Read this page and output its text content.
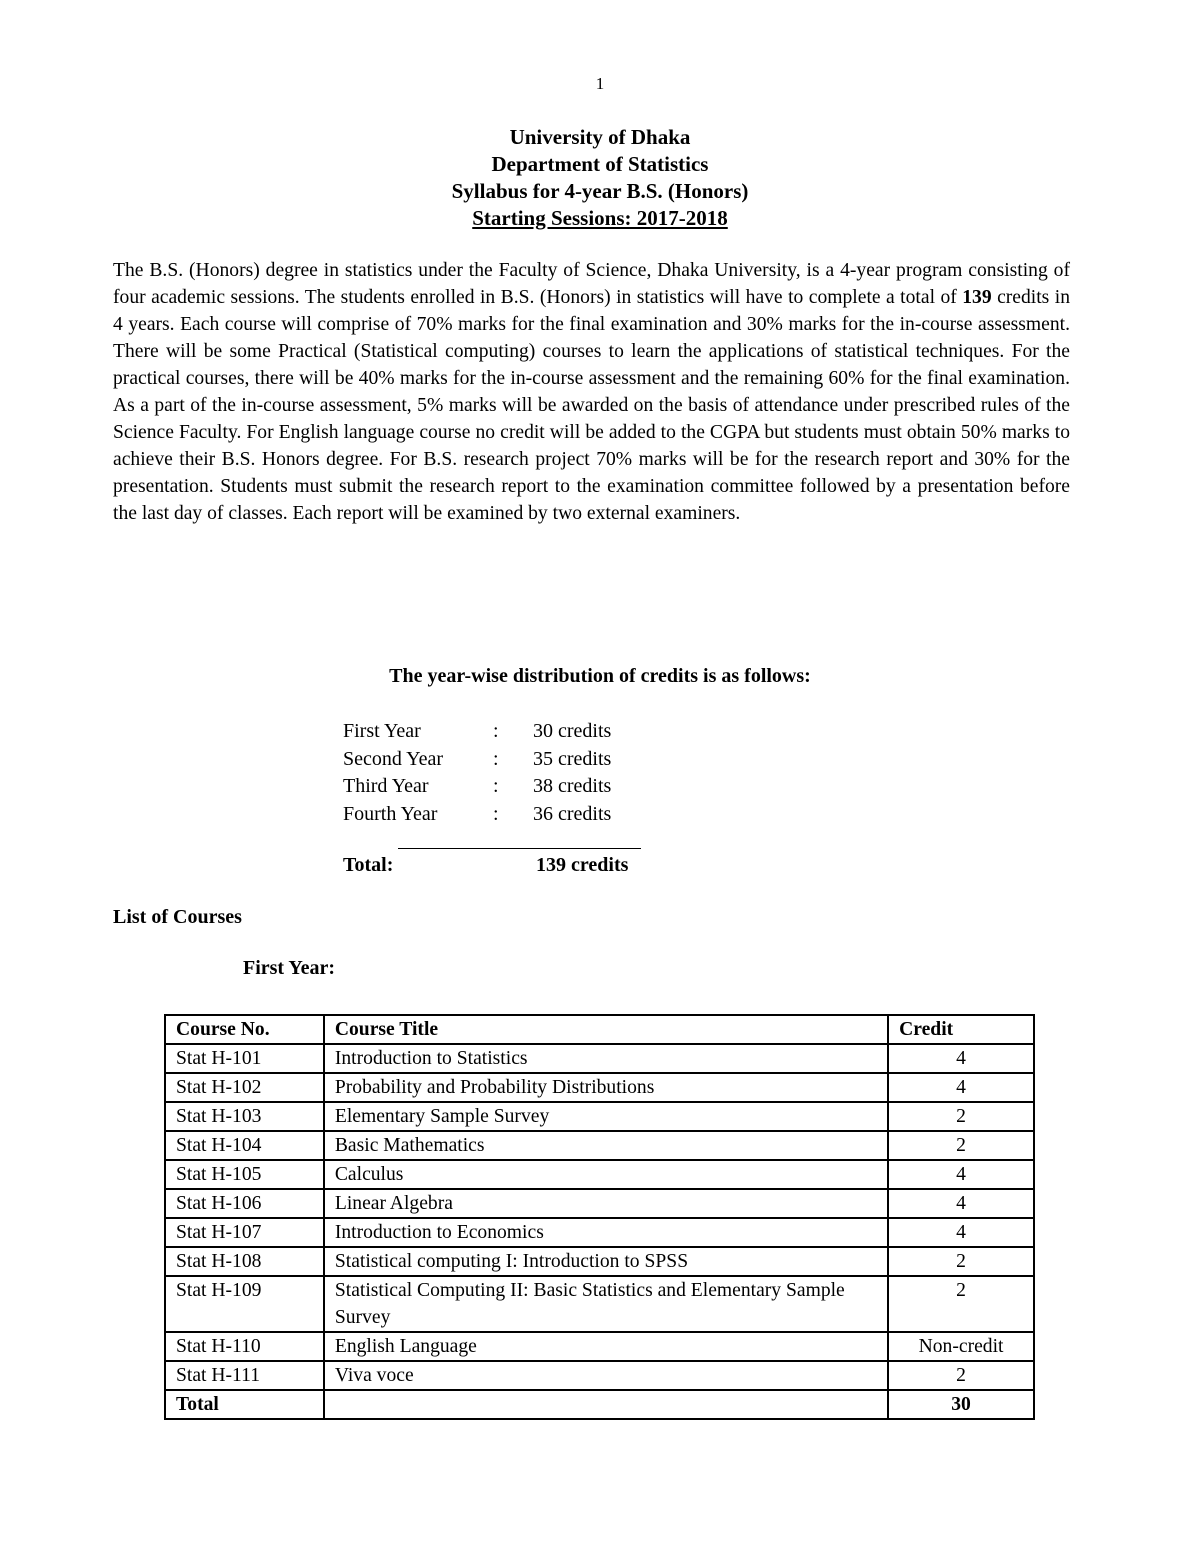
1
University of Dhaka
Department of Statistics
Syllabus for 4-year B.S. (Honors)
Starting Sessions: 2017-2018

The B.S. (Honors) degree in statistics under the Faculty of Science, Dhaka University, is a 4-year program consisting of four academic sessions. The students enrolled in B.S. (Honors) in statistics will have to complete a total of 139 credits in 4 years. Each course will comprise of 70% marks for the final examination and 30% marks for the in-course assessment. There will be some Practical (Statistical computing) courses to learn the applications of statistical techniques. For the practical courses, there will be 40% marks for the in-course assessment and the remaining 60% for the final examination. As a part of the in-course assessment, 5% marks will be awarded on the basis of attendance under prescribed rules of the Science Faculty. For English language course no credit will be added to the CGPA but students must obtain 50% marks to achieve their B.S. Honors degree. For B.S. research project 70% marks will be for the research report and 30% for the presentation. Students must submit the research report to the examination committee followed by a presentation before the last day of classes. Each report will be examined by two external examiners.

The year-wise distribution of credits is as follows:
First Year	: 30 credits
Second Year	: 35 credits
Third Year	: 38 credits
Fourth Year	: 36 credits
Total:	139 credits
List of Courses
First Year:
Course No.	Course Title	Credit
Stat H-101	Introduction to Statistics	4
Stat H-102	Probability and Probability Distributions	4
Stat H-103	Elementary Sample Survey	2
Stat H-104	Basic Mathematics	2
Stat H-105	Calculus	4
Stat H-106	Linear Algebra	4
Stat H-107	Introduction to Economics	4
Stat H-108	Statistical computing I: Introduction to SPSS	2
Stat H-109	Statistical Computing II: Basic Statistics and Elementary Sample Survey	2
Stat H-110	English Language	Non-credit
Stat H-111	Viva voce	2
Total		30
